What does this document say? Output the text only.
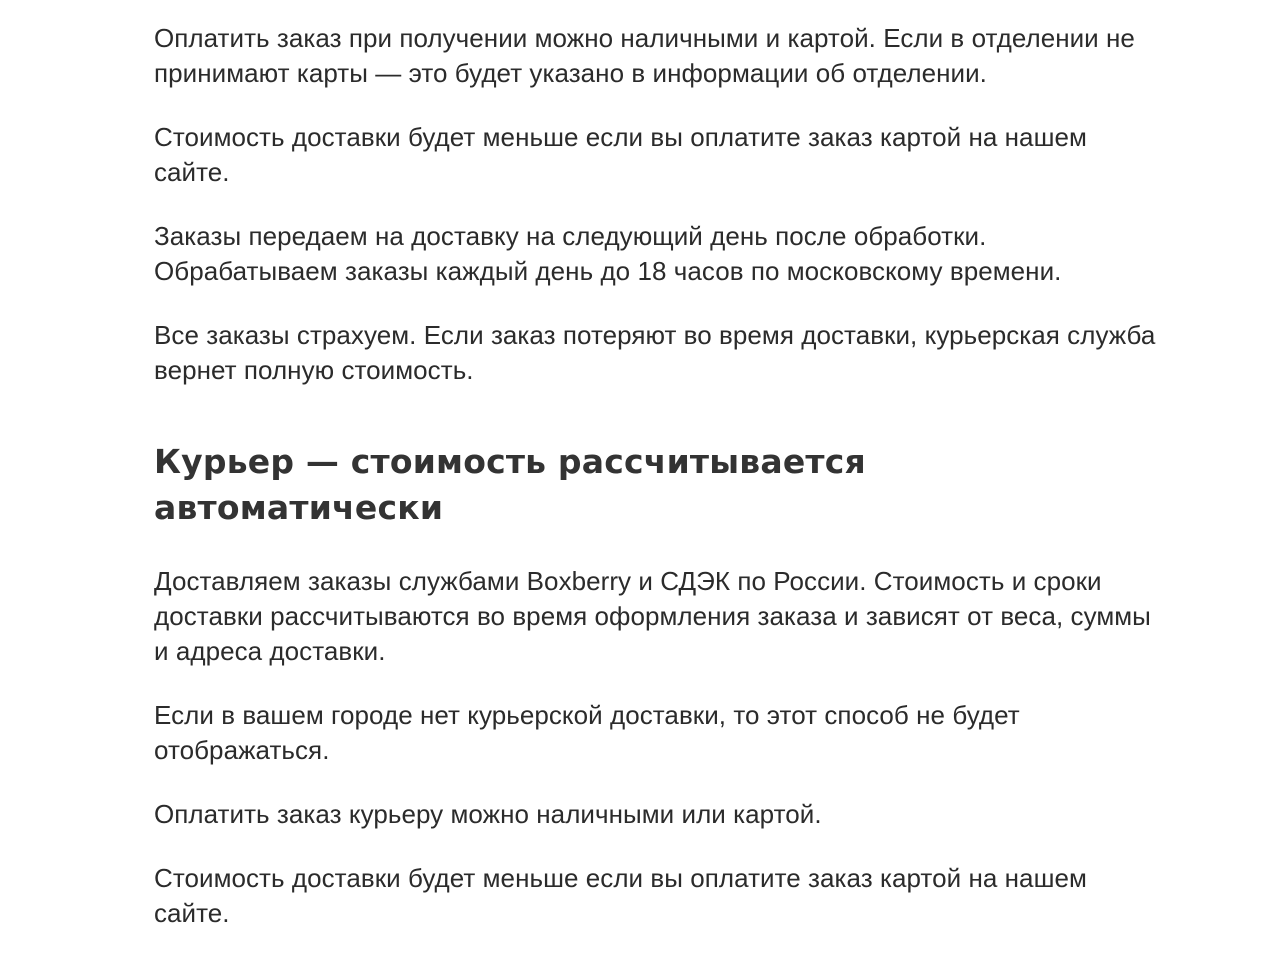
Оплатить заказ при получении можно наличными и картой. Если в отделении не принимают карты — это будет указано в информации об отделении.

Стоимость доставки будет меньше если вы оплатите заказ картой на нашем сайте.

Заказы передаем на доставку на следующий день после обработки. Обрабатываем заказы каждый день до 18 часов по московскому времени.

Все заказы страхуем. Если заказ потеряют во время доставки, курьерская служба вернет полную стоимость.

Курьер — стоимость рассчитывается автоматически

Доставляем заказы службами Boxberry и СДЭК по России. Стоимость и сроки доставки рассчитываются во время оформления заказа и зависят от веса, суммы и адреса доставки.

Если в вашем городе нет курьерской доставки, то этот способ не будет отображаться.

Оплатить заказ курьеру можно наличными или картой.

Стоимость доставки будет меньше если вы оплатите заказ картой на нашем сайте.
